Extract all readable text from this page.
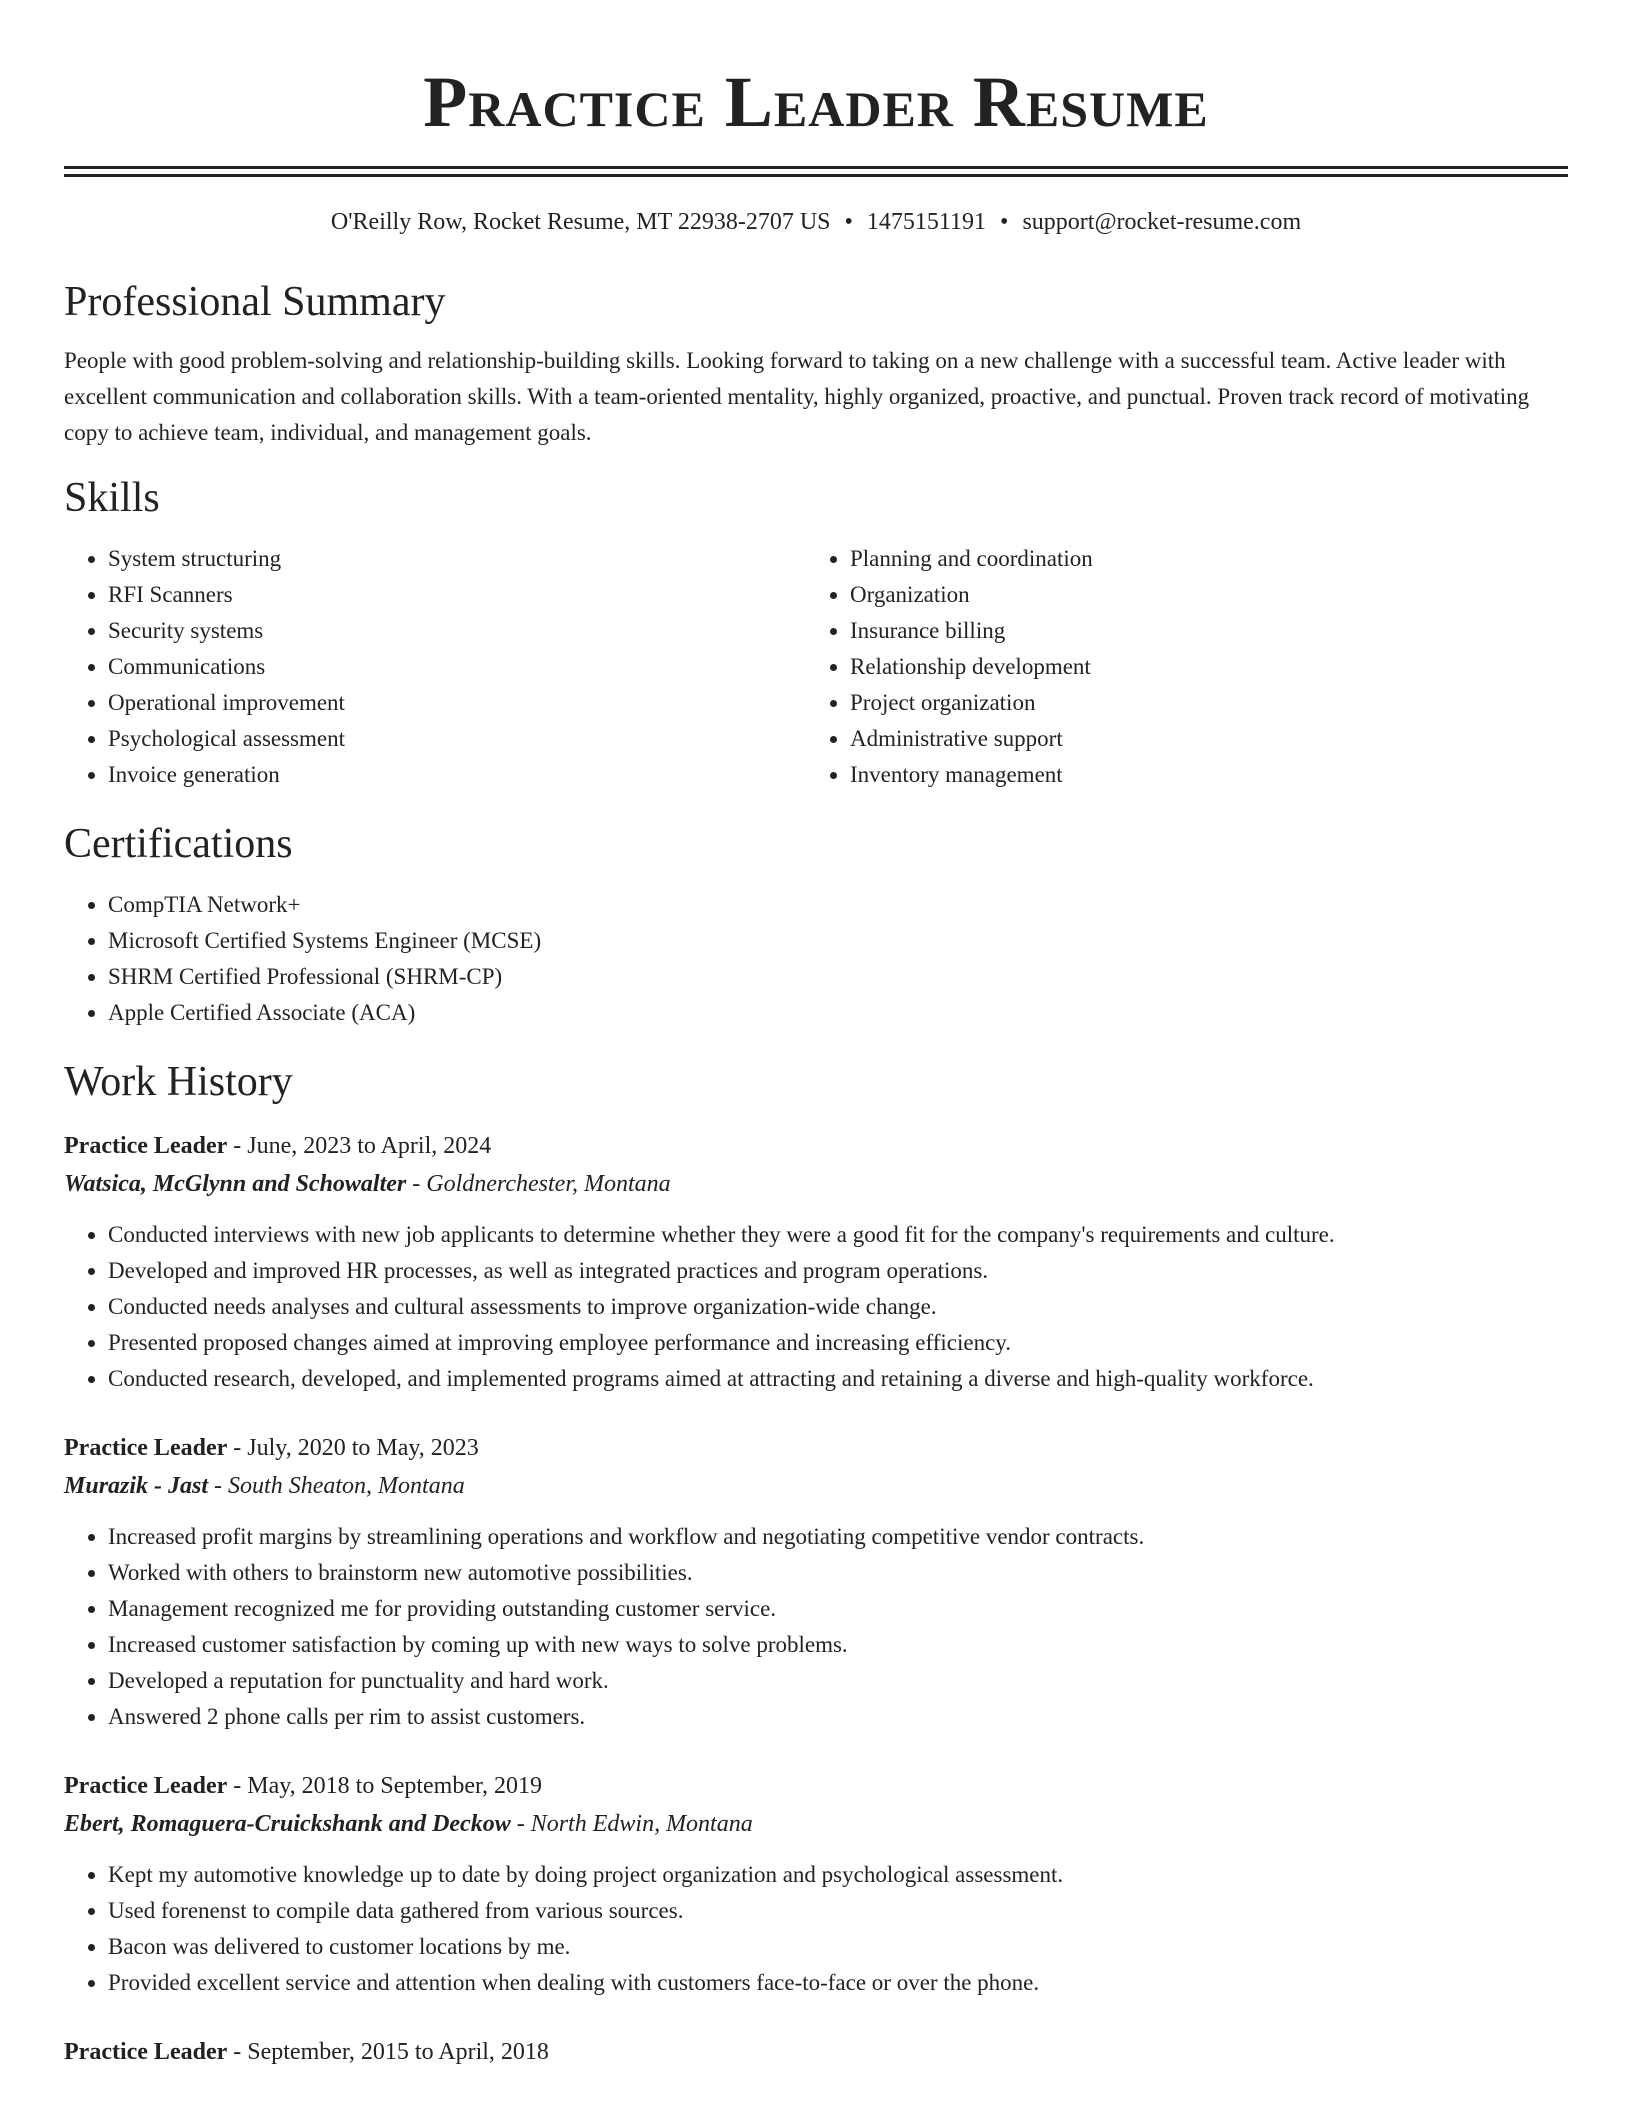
Practice Leader Resume
O'Reilly Row, Rocket Resume, MT 22938-2707 US • 1475151191 • support@rocket-resume.com
Professional Summary
People with good problem-solving and relationship-building skills. Looking forward to taking on a new challenge with a successful team. Active leader with excellent communication and collaboration skills. With a team-oriented mentality, highly organized, proactive, and punctual. Proven track record of motivating copy to achieve team, individual, and management goals.
Skills
• System structuring
• RFI Scanners
• Security systems
• Communications
• Operational improvement
• Psychological assessment
• Invoice generation
• Planning and coordination
• Organization
• Insurance billing
• Relationship development
• Project organization
• Administrative support
• Inventory management
Certifications
• CompTIA Network+
• Microsoft Certified Systems Engineer (MCSE)
• SHRM Certified Professional (SHRM-CP)
• Apple Certified Associate (ACA)
Work History
Practice Leader - June, 2023 to April, 2024
Watsica, McGlynn and Schowalter - Goldnerchester, Montana
• Conducted interviews with new job applicants to determine whether they were a good fit for the company's requirements and culture.
• Developed and improved HR processes, as well as integrated practices and program operations.
• Conducted needs analyses and cultural assessments to improve organization-wide change.
• Presented proposed changes aimed at improving employee performance and increasing efficiency.
• Conducted research, developed, and implemented programs aimed at attracting and retaining a diverse and high-quality workforce.
Practice Leader - July, 2020 to May, 2023
Murazik - Jast - South Sheaton, Montana
• Increased profit margins by streamlining operations and workflow and negotiating competitive vendor contracts.
• Worked with others to brainstorm new automotive possibilities.
• Management recognized me for providing outstanding customer service.
• Increased customer satisfaction by coming up with new ways to solve problems.
• Developed a reputation for punctuality and hard work.
• Answered 2 phone calls per rim to assist customers.
Practice Leader - May, 2018 to September, 2019
Ebert, Romaguera-Cruickshank and Deckow - North Edwin, Montana
• Kept my automotive knowledge up to date by doing project organization and psychological assessment.
• Used forenenst to compile data gathered from various sources.
• Bacon was delivered to customer locations by me.
• Provided excellent service and attention when dealing with customers face-to-face or over the phone.
Practice Leader - September, 2015 to April, 2018
